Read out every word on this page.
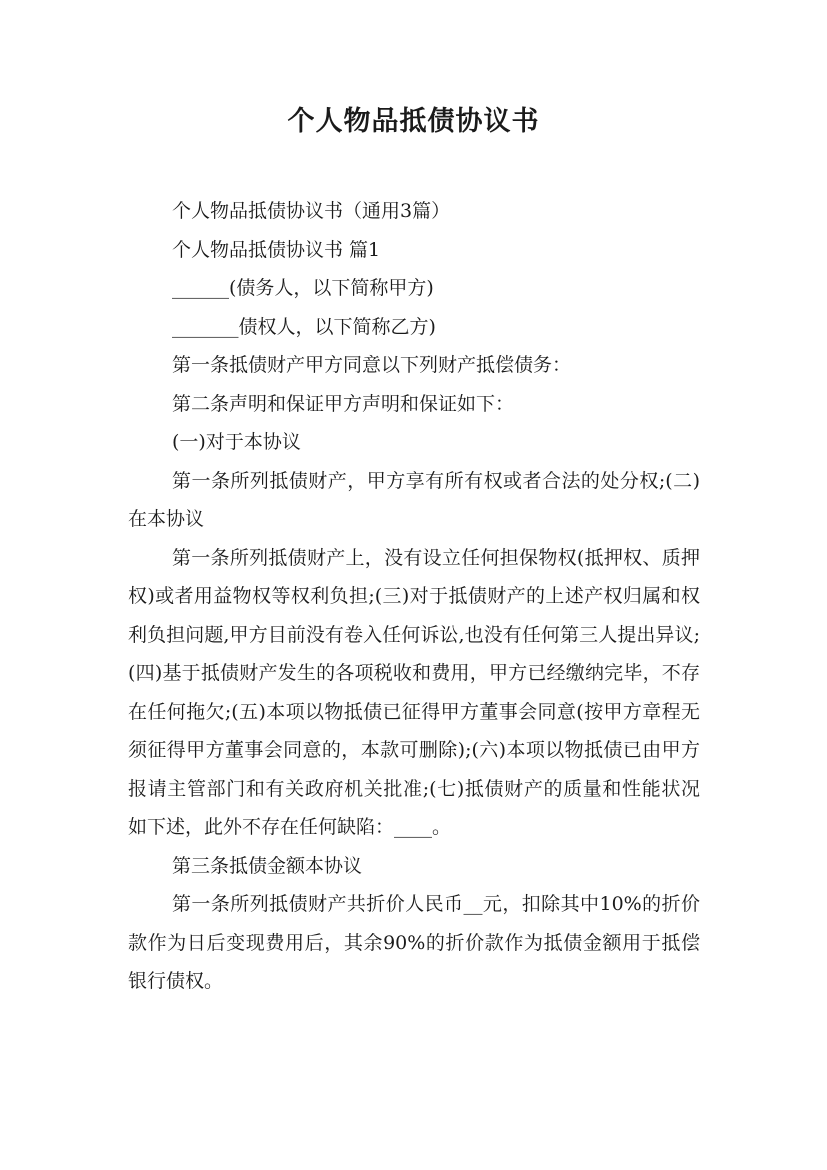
个人物品抵债协议书

个人物品抵债协议书（通用3篇）

个人物品抵债协议书 篇1

______(债务人，以下简称甲方)

_______债权人，以下简称乙方)

第一条抵债财产甲方同意以下列财产抵偿债务：

第二条声明和保证甲方声明和保证如下：

(一)对于本协议

第一条所列抵债财产，甲方享有所有权或者合法的处分权;(二)在本协议

第一条所列抵债财产上，没有设立任何担保物权(抵押权、质押权)或者用益物权等权利负担;(三)对于抵债财产的上述产权归属和权利负担问题,甲方目前没有卷入任何诉讼,也没有任何第三人提出异议;(四)基于抵债财产发生的各项税收和费用，甲方已经缴纳完毕，不存在任何拖欠;(五)本项以物抵债已征得甲方董事会同意(按甲方章程无须征得甲方董事会同意的，本款可删除);(六)本项以物抵债已由甲方报请主管部门和有关政府机关批准;(七)抵债财产的质量和性能状况如下述，此外不存在任何缺陷：____。

第三条抵债金额本协议

第一条所列抵债财产共折价人民币__元，扣除其中10%的折价款作为日后变现费用后，其余90%的折价款作为抵债金额用于抵偿银行债权。
